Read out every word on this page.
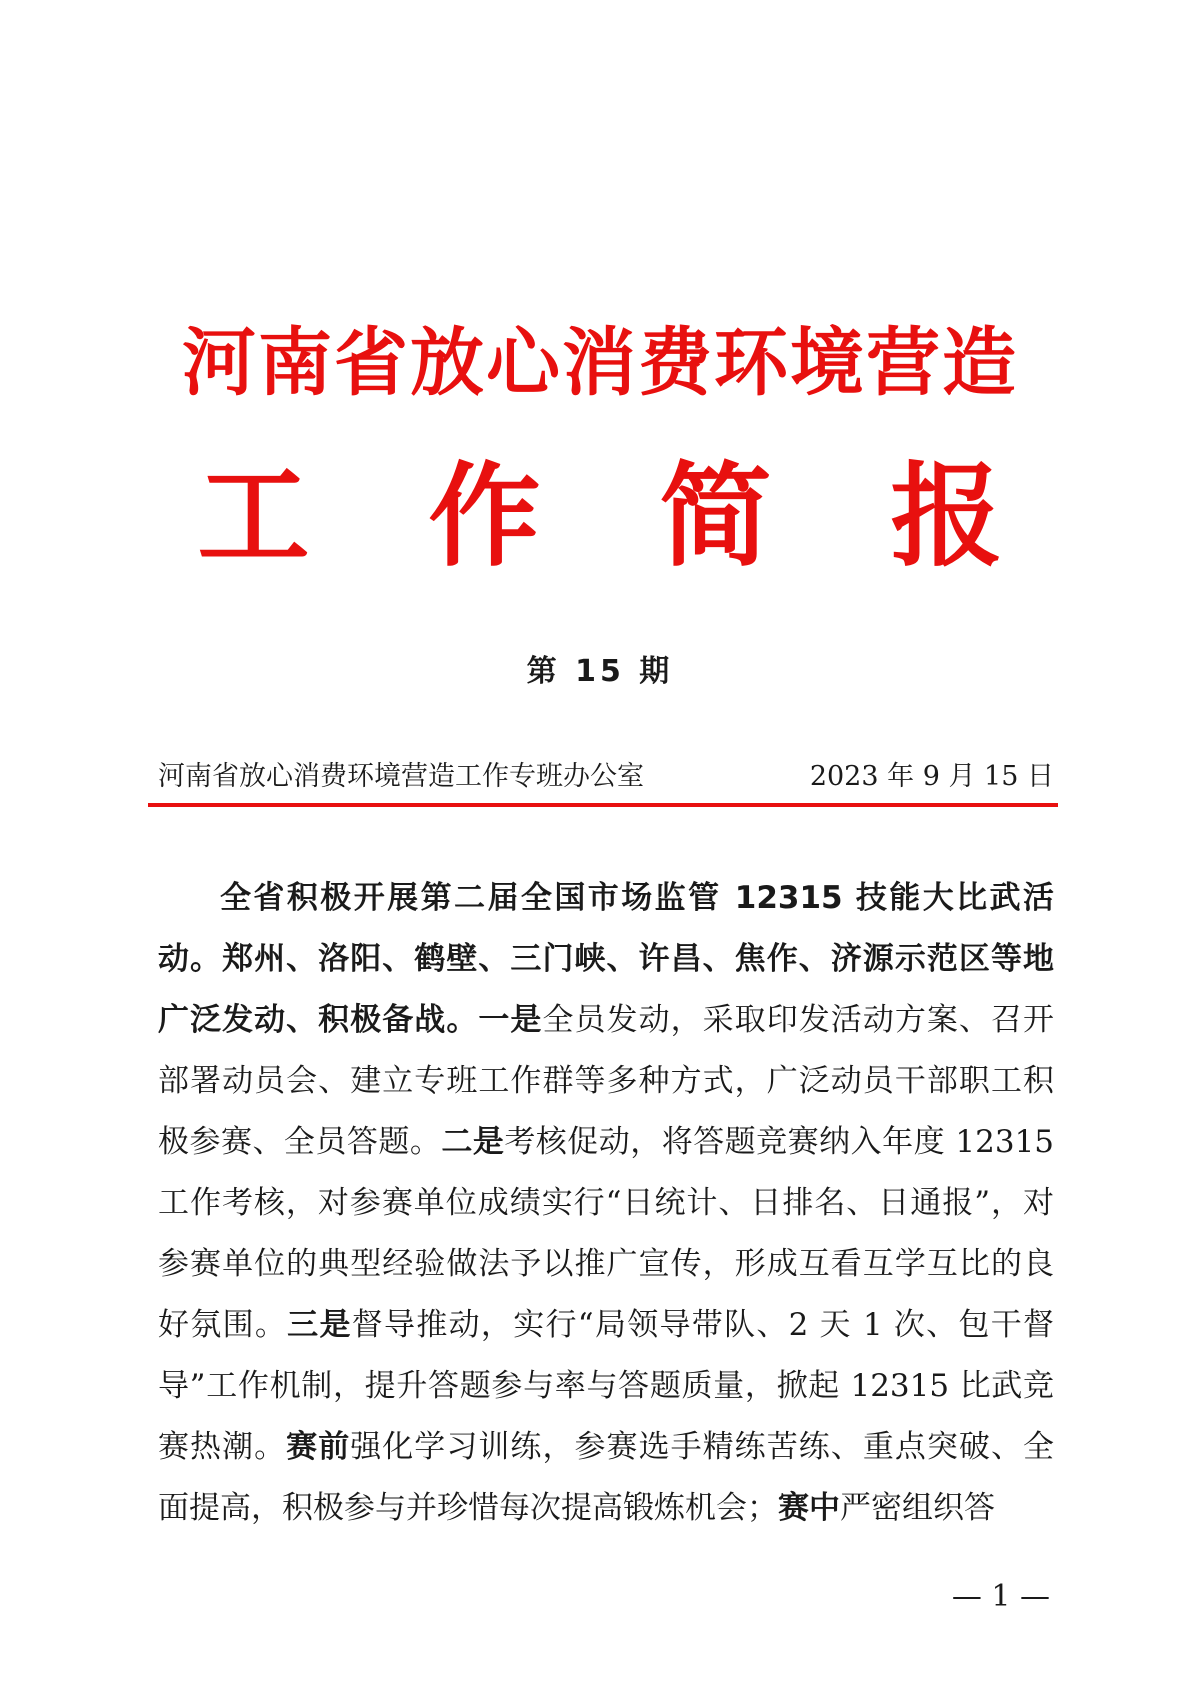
河南省放心消费环境营造
工 作 简 报
第 15 期
河南省放心消费环境营造工作专班办公室	2023 年 9 月 15 日

全省积极开展第二届全国市场监管 12315 技能大比武活动。郑州、洛阳、鹤壁、三门峡、许昌、焦作、济源示范区等地广泛发动、积极备战。一是全员发动，采取印发活动方案、召开部署动员会、建立专班工作群等多种方式，广泛动员干部职工积极参赛、全员答题。二是考核促动，将答题竞赛纳入年度 12315 工作考核，对参赛单位成绩实行“日统计、日排名、日通报”，对参赛单位的典型经验做法予以推广宣传，形成互看互学互比的良好氛围。三是督导推动，实行“局领导带队、2 天 1 次、包干督导”工作机制，提升答题参与率与答题质量，掀起 12315 比武竞赛热潮。赛前强化学习训练，参赛选手精练苦练、重点突破、全面提高，积极参与并珍惜每次提高锻炼机会；赛中严密组织答

— 1 —
